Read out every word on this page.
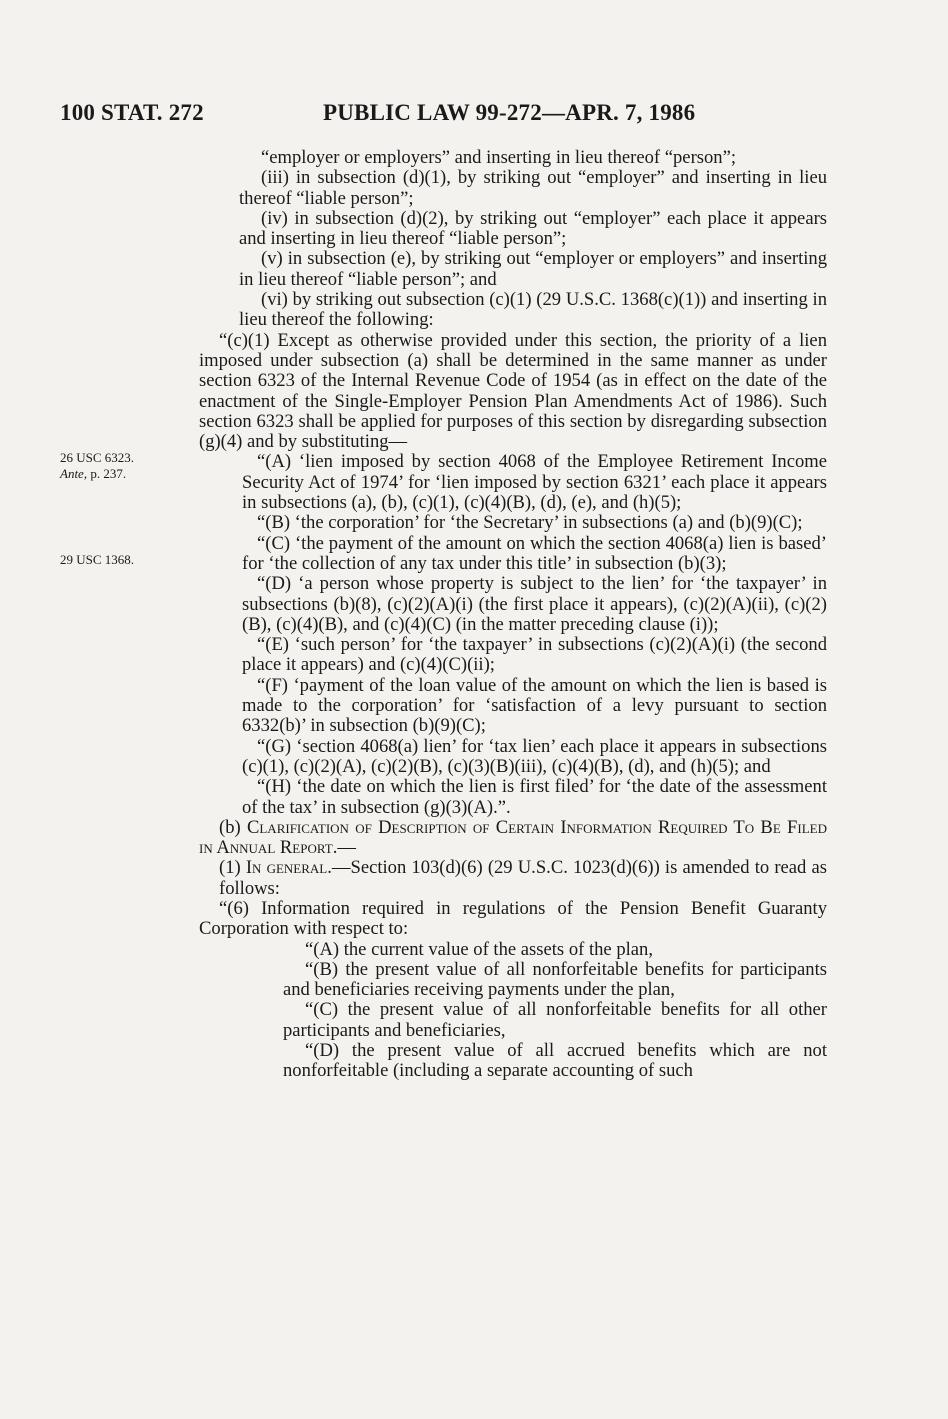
100 STAT. 272	PUBLIC LAW 99-272—APR. 7, 1986
26 USC 6323.
Ante, p. 237.
29 USC 1368.

“employer or employers” and inserting in lieu thereof “person”;

(iii) in subsection (d)(1), by striking out “employer” and inserting in lieu thereof “liable person”;

(iv) in subsection (d)(2), by striking out “employer” each place it appears and inserting in lieu thereof “liable person”;

(v) in subsection (e), by striking out “employer or employers” and inserting in lieu thereof “liable person”; and

(vi) by striking out subsection (c)(1) (29 U.S.C. 1368(c)(1)) and inserting in lieu thereof the following:

“(c)(1) Except as otherwise provided under this section, the priority of a lien imposed under subsection (a) shall be determined in the same manner as under section 6323 of the Internal Revenue Code of 1954 (as in effect on the date of the enactment of the Single-Employer Pension Plan Amendments Act of 1986). Such section 6323 shall be applied for purposes of this section by disregarding subsection (g)(4) and by substituting—

“(A) ‘lien imposed by section 4068 of the Employee Retirement Income Security Act of 1974’ for ‘lien imposed by section 6321’ each place it appears in subsections (a), (b), (c)(1), (c)(4)(B), (d), (e), and (h)(5);

“(B) ‘the corporation’ for ‘the Secretary’ in subsections (a) and (b)(9)(C);

“(C) ‘the payment of the amount on which the section 4068(a) lien is based’ for ‘the collection of any tax under this title’ in subsection (b)(3);

“(D) ‘a person whose property is subject to the lien’ for ‘the taxpayer’ in subsections (b)(8), (c)(2)(A)(i) (the first place it appears), (c)(2)(A)(ii), (c)(2)(B), (c)(4)(B), and (c)(4)(C) (in the matter preceding clause (i));

“(E) ‘such person’ for ‘the taxpayer’ in subsections (c)(2)(A)(i) (the second place it appears) and (c)(4)(C)(ii);

“(F) ‘payment of the loan value of the amount on which the lien is based is made to the corporation’ for ‘satisfaction of a levy pursuant to section 6332(b)’ in subsection (b)(9)(C);

“(G) ‘section 4068(a) lien’ for ‘tax lien’ each place it appears in subsections (c)(1), (c)(2)(A), (c)(2)(B), (c)(3)(B)(iii), (c)(4)(B), (d), and (h)(5); and

“(H) ‘the date on which the lien is first filed’ for ‘the date of the assessment of the tax’ in subsection (g)(3)(A).”.

(b) Clarification of Description of Certain Information Required To Be Filed in Annual Report.—

(1) In general.—Section 103(d)(6) (29 U.S.C. 1023(d)(6)) is amended to read as follows:

“(6) Information required in regulations of the Pension Benefit Guaranty Corporation with respect to:

“(A) the current value of the assets of the plan,

“(B) the present value of all nonforfeitable benefits for participants and beneficiaries receiving payments under the plan,

“(C) the present value of all nonforfeitable benefits for all other participants and beneficiaries,

“(D) the present value of all accrued benefits which are not nonforfeitable (including a separate accounting of such
